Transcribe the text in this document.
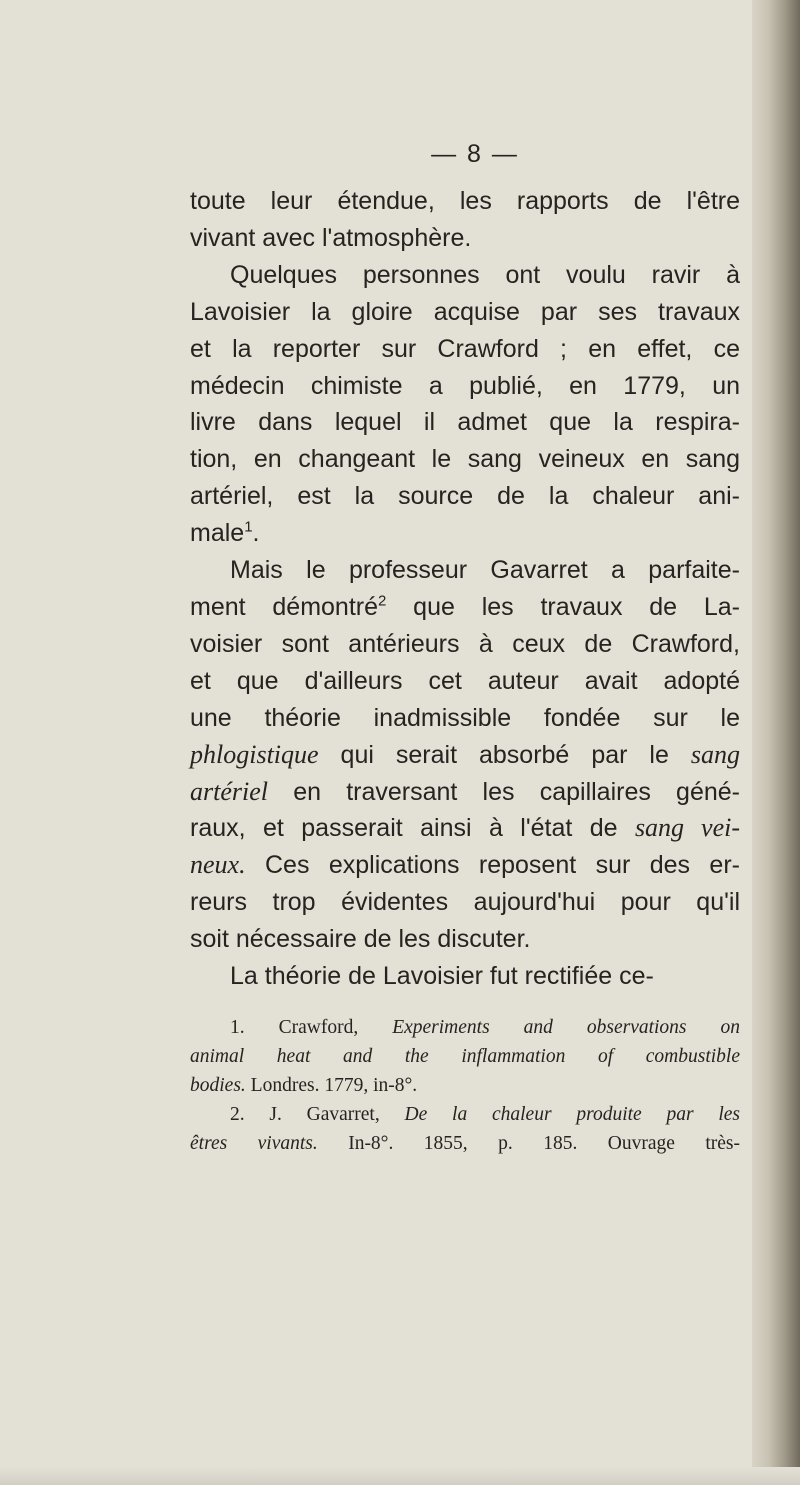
— 8 —
toute leur étendue, les rapports de l'être
vivant avec l'atmosphère.
Quelques personnes ont voulu ravir à
Lavoisier la gloire acquise par ses travaux
et la reporter sur Crawford ; en effet, ce
médecin chimiste a publié, en 1779, un
livre dans lequel il admet que la respira-
tion, en changeant le sang veineux en sang
artériel, est la source de la chaleur ani-
male$^1$.
Mais le professeur Gavarret a parfaite-
ment démontré$^2$ que les travaux de La-
voisier sont antérieurs à ceux de Crawford,
et que d'ailleurs cet auteur avait adopté
une théorie inadmissible fondée sur le
phlogistique qui serait absorbé par le sang
artériel en traversant les capillaires géné-
raux, et passerait ainsi à l'état de sang vei-
neux. Ces explications reposent sur des er-
reurs trop évidentes aujourd'hui pour qu'il
soit nécessaire de les discuter.
La théorie de Lavoisier fut rectifiée ce-
1. Crawford, Experiments and observations on
animal heat and the inflammation of combustible
bodies. Londres. 1779, in-8°.
2. J. Gavarret, De la chaleur produite par les
êtres vivants. In-8°. 1855, p. 185. Ouvrage très-
